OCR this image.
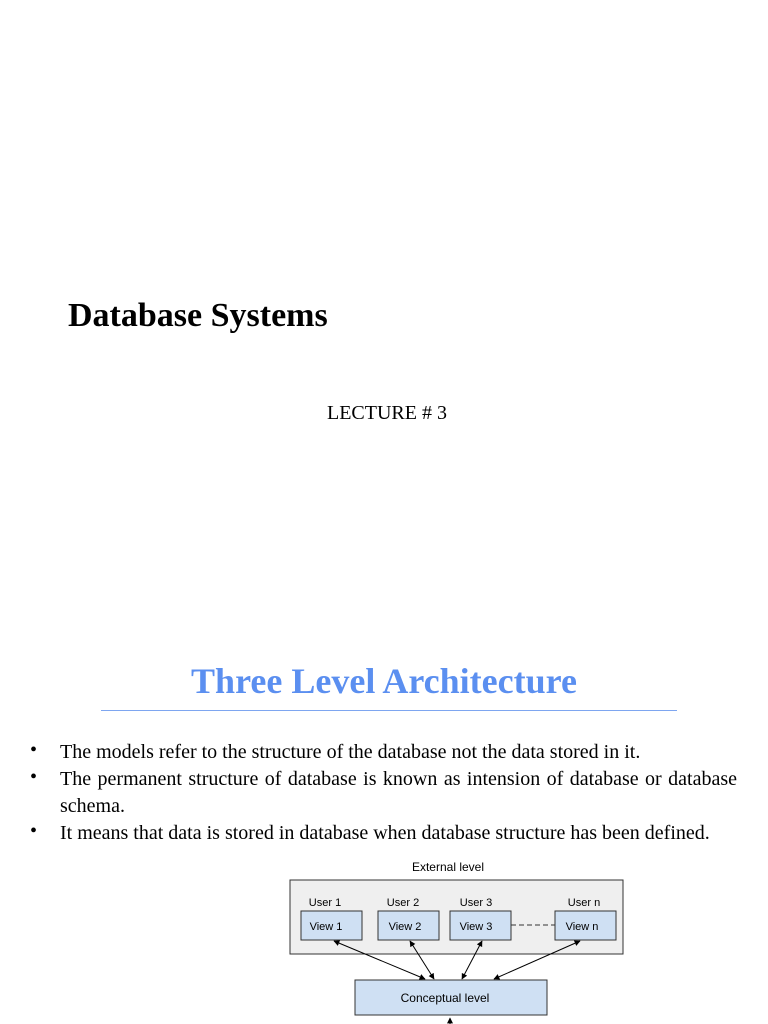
Database Systems
LECTURE # 3
Three Level Architecture
• The models refer to the structure of the database not the data stored in it.
• The permanent structure of database is known as intension of database or database schema.
• It means that data is stored in database when database structure has been defined.
External level
User 1	User 2	User 3	User n
View 1	View 2	View 3	View n
Conceptual level
